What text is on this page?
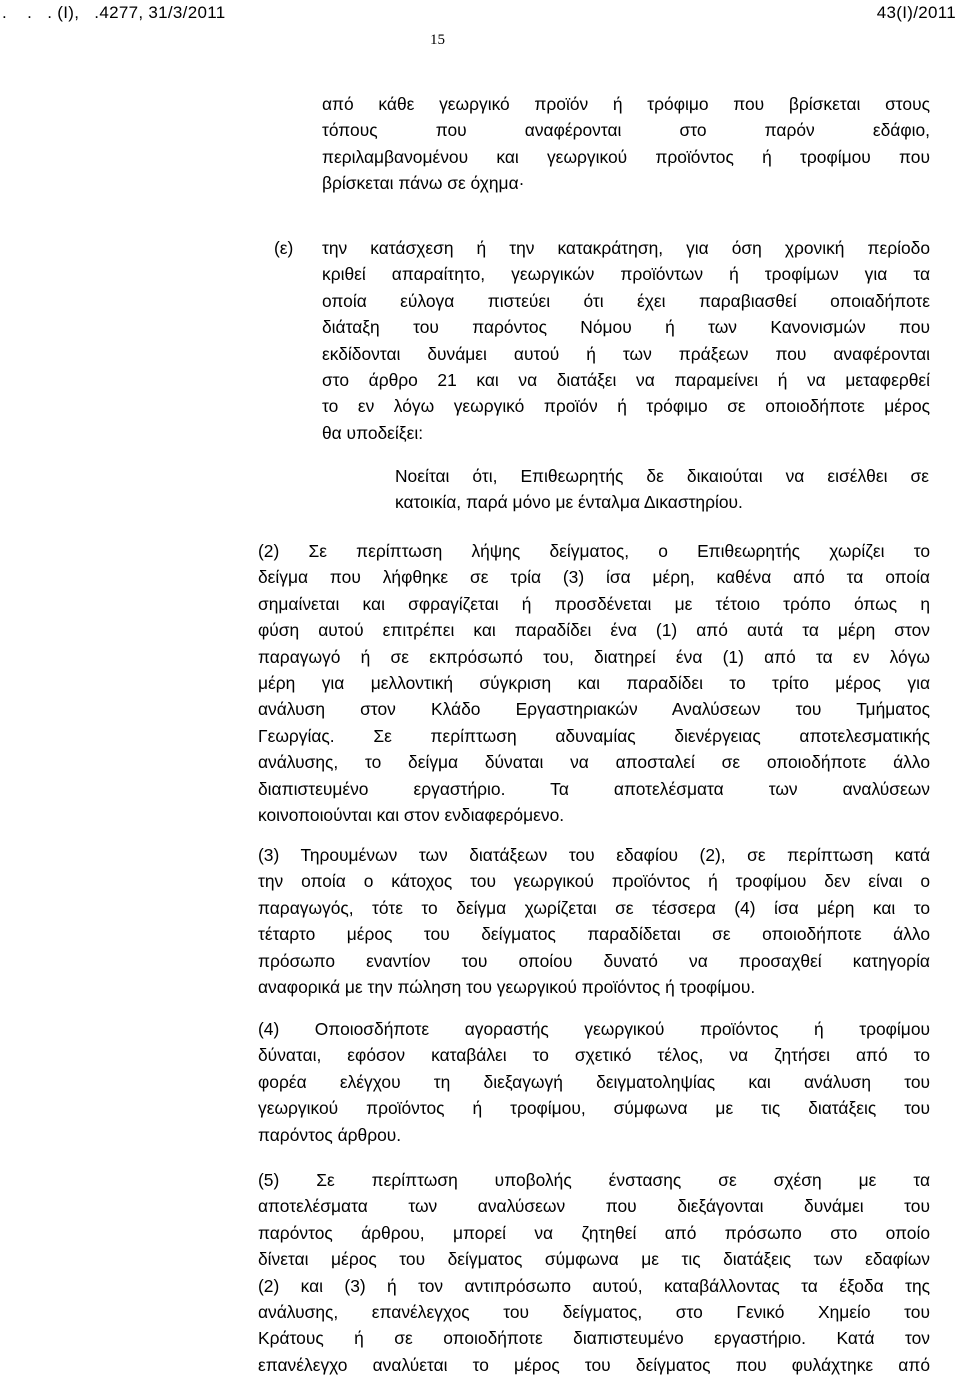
.    .   . (Ι),   .4277, 31/3/2011	43(Ι)/2011
15
από κάθε γεωργικό προϊόν ή τρόφιμο που βρίσκεται στους
τόπους που αναφέρονται στο παρόν εδάφιο,
περιλαμβανομένου και γεωργικού προϊόντος ή τροφίμου που
βρίσκεται πάνω σε όχημα·
(ε) την κατάσχεση ή την κατακράτηση, για όση χρονική περίοδο
κριθεί απαραίτητο, γεωργικών προϊόντων ή τροφίμων για τα
οποία εύλογα πιστεύει ότι έχει παραβιασθεί οποιαδήποτε
διάταξη του παρόντος Νόμου ή των Κανονισμών που
εκδίδονται δυνάμει αυτού ή των πράξεων που αναφέρονται
στο άρθρο 21 και να διατάξει να παραμείνει ή να μεταφερθεί
το εν λόγω γεωργικό προϊόν ή τρόφιμο σε οποιοδήποτε μέρος
θα υποδείξει:
Νοείται ότι, Επιθεωρητής δε δικαιούται να εισέλθει σε
κατοικία, παρά μόνο με ένταλμα Δικαστηρίου.
(2) Σε περίπτωση λήψης δείγματος, ο Επιθεωρητής χωρίζει το
δείγμα που λήφθηκε σε τρία (3) ίσα μέρη, καθένα από τα οποία
σημαίνεται και σφραγίζεται ή προσδένεται με τέτοιο τρόπο όπως η
φύση αυτού επιτρέπει και παραδίδει ένα (1) από αυτά τα μέρη στον
παραγωγό ή σε εκπρόσωπό του, διατηρεί ένα (1) από τα εν λόγω
μέρη για μελλοντική σύγκριση και παραδίδει το τρίτο μέρος για
ανάλυση στον Κλάδο Εργαστηριακών Αναλύσεων του Τμήματος
Γεωργίας. Σε περίπτωση αδυναμίας διενέργειας αποτελεσματικής
ανάλυσης, το δείγμα δύναται να αποσταλεί σε οποιοδήποτε άλλο
διαπιστευμένο εργαστήριο. Τα αποτελέσματα των αναλύσεων
κοινοποιούνται και στον ενδιαφερόμενο.
(3) Τηρουμένων των διατάξεων του εδαφίου (2), σε περίπτωση κατά
την οποία ο κάτοχος του γεωργικού προϊόντος ή τροφίμου δεν είναι ο
παραγωγός, τότε το δείγμα χωρίζεται σε τέσσερα (4) ίσα μέρη και το
τέταρτο μέρος του δείγματος παραδίδεται σε οποιοδήποτε άλλο
πρόσωπο εναντίον του οποίου δυνατό να προσαχθεί κατηγορία
αναφορικά με την πώληση του γεωργικού προϊόντος ή τροφίμου.
(4) Οποιοσδήποτε αγοραστής γεωργικού προϊόντος ή τροφίμου
δύναται, εφόσον καταβάλει το σχετικό τέλος, να ζητήσει από το
φορέα ελέγχου τη διεξαγωγή δειγματοληψίας και ανάλυση του
γεωργικού προϊόντος ή τροφίμου, σύμφωνα με τις διατάξεις του
παρόντος άρθρου.
(5) Σε περίπτωση υποβολής ένστασης σε σχέση με τα
αποτελέσματα των αναλύσεων που διεξάγονται δυνάμει του
παρόντος άρθρου, μπορεί να ζητηθεί από πρόσωπο στο οποίο
δίνεται μέρος του δείγματος σύμφωνα με τις διατάξεις των εδαφίων
(2) και (3) ή τον αντιπρόσωπο αυτού, καταβάλλοντας τα έξοδα της
ανάλυσης, επανέλεγχος του δείγματος, στο Γενικό Χημείο του
Κράτους ή σε οποιοδήποτε διαπιστευμένο εργαστήριο. Κατά τον
επανέλεγχο αναλύεται το μέρος του δείγματος που φυλάχτηκε από
